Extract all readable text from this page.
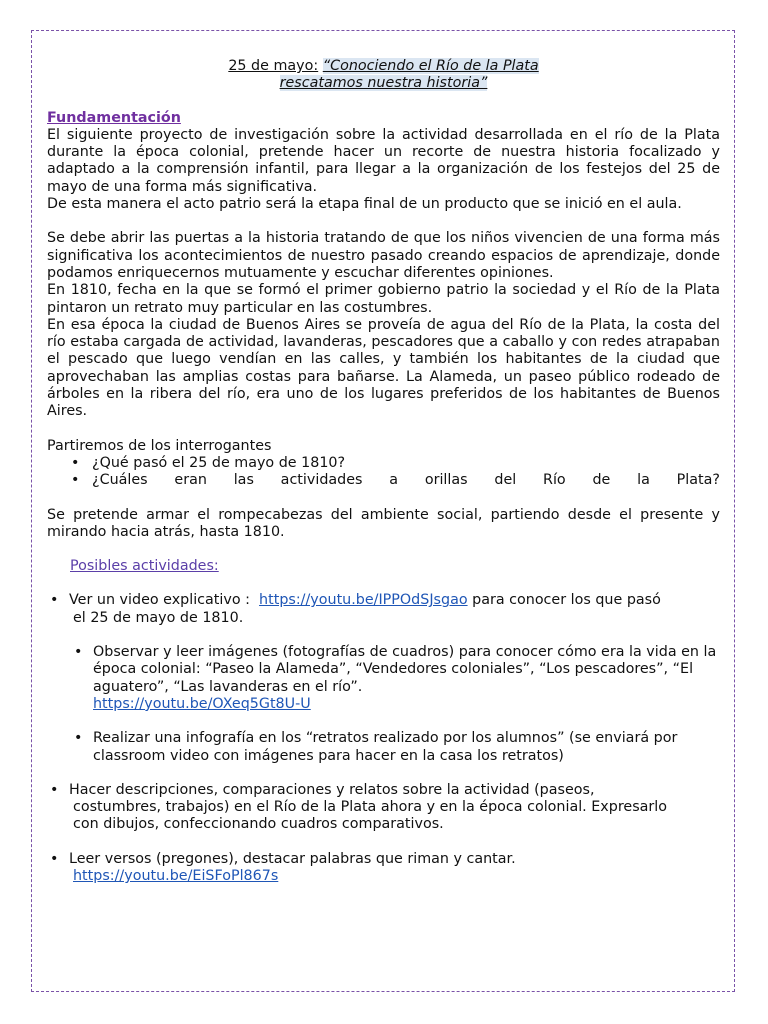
25 de mayo: “Conociendo el Río de la Plata
rescatamos nuestra historia”
Fundamentación

El siguiente proyecto de investigación sobre la actividad desarrollada en el río de la Plata durante la época colonial, pretende hacer un recorte de nuestra historia focalizado y adaptado a la comprensión infantil, para llegar a la organización de los festejos del 25 de mayo de una forma más significativa.

De esta manera el acto patrio será la etapa final de un producto que se inició en el aula.

Se debe abrir las puertas a la historia tratando de que los niños vivencien de una forma más significativa los acontecimientos de nuestro pasado creando espacios de aprendizaje, donde podamos enriquecernos mutuamente y escuchar diferentes opiniones.

En 1810, fecha en la que se formó el primer gobierno patrio la sociedad y el Río de la Plata pintaron un retrato muy particular en las costumbres.

En esa época la ciudad de Buenos Aires se proveía de agua del Río de la Plata, la costa del río estaba cargada de actividad, lavanderas, pescadores que a caballo y con redes atrapaban el pescado que luego vendían en las calles, y también los habitantes de la ciudad que aprovechaban las amplias costas para bañarse. La Alameda, un paseo público rodeado de árboles en la ribera del río, era uno de los lugares preferidos de los habitantes de Buenos Aires.

Partiremos de los interrogantes

• ¿Qué pasó el 25 de mayo de 1810?
• ¿Cuáles eran las actividades a orillas del Río de la Plata?

Se pretende armar el rompecabezas del ambiente social, partiendo desde el presente y mirando hacia atrás, hasta 1810.

Posibles actividades:

• Ver un video explicativo : https://youtu.be/IPPOdSJsgao para conocer los que pasó
el 25 de mayo de 1810.
• Observar y leer imágenes (fotografías de cuadros) para conocer cómo era la vida en la época colonial: “Paseo la Alameda”, “Vendedores coloniales”, “Los pescadores”, “El aguatero”, “Las lavanderas en el río”.
https://youtu.be/OXeq5Gt8U-U
• Realizar una infografía en los “retratos realizado por los alumnos” (se enviará por classroom video con imágenes para hacer en la casa los retratos)
• Hacer descripciones, comparaciones y relatos sobre la actividad (paseos,
costumbres, trabajos) en el Río de la Plata ahora y en la época colonial. Expresarlo
con dibujos, confeccionando cuadros comparativos.
• Leer versos (pregones), destacar palabras que riman y cantar.
https://youtu.be/EiSFoPl867s
